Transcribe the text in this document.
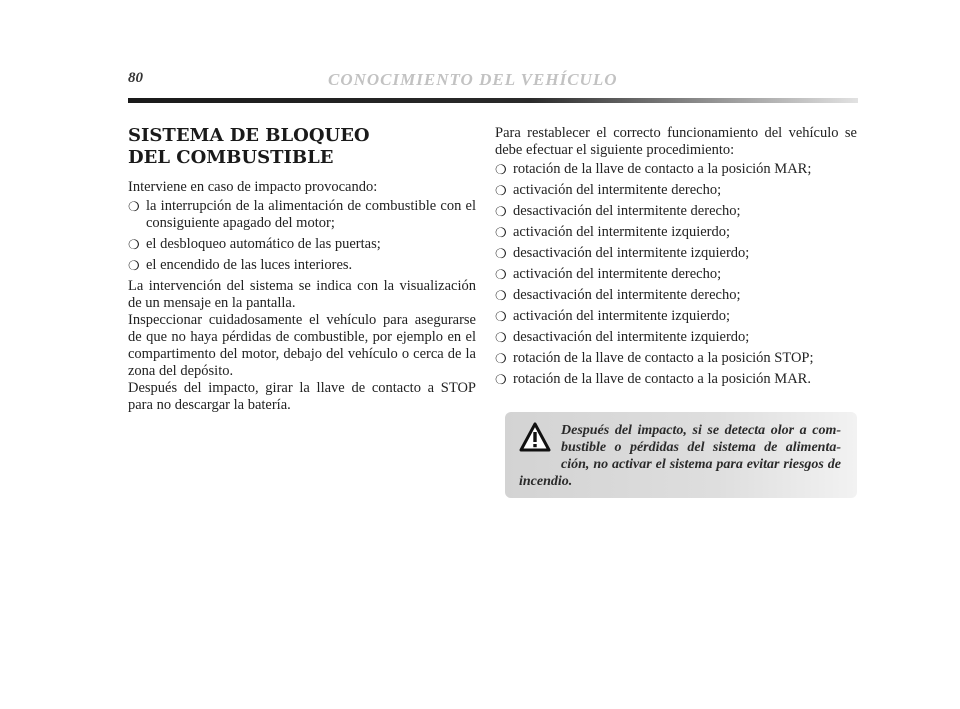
80	CONOCIMIENTO DEL VEHÍCULO
SISTEMA DE BLOQUEO
DEL COMBUSTIBLE

Interviene en caso de impacto provocando:

❍ la interrupción de la alimentación de combustible con el consiguiente apagado del motor;
❍ el desbloqueo automático de las puertas;
❍ el encendido de las luces interiores.

La intervención del sistema se indica con la visualización de un mensaje en la pantalla.

Inspeccionar cuidadosamente el vehículo para asegurarse de que no haya pérdidas de combustible, por ejemplo en el compartimento del motor, debajo del vehículo o cerca de la zona del depósito.

Después del impacto, girar la llave de contacto a STOP para no descargar la batería.

Para restablecer el correcto funcionamiento del vehículo se debe efectuar el siguiente procedimiento:

❍ rotación de la llave de contacto a la posición MAR;
❍ activación del intermitente derecho;
❍ desactivación del intermitente derecho;
❍ activación del intermitente izquierdo;
❍ desactivación del intermitente izquierdo;
❍ activación del intermitente derecho;
❍ desactivación del intermitente derecho;
❍ activación del intermitente izquierdo;
❍ desactivación del intermitente izquierdo;
❍ rotación de la llave de contacto a la posición STOP;
❍ rotación de la llave de contacto a la posición MAR.
Después del impacto, si se detecta olor a com- bustible o pérdidas del sistema de alimenta- ción, no activar el sistema para evitar riesgos de incendio.
